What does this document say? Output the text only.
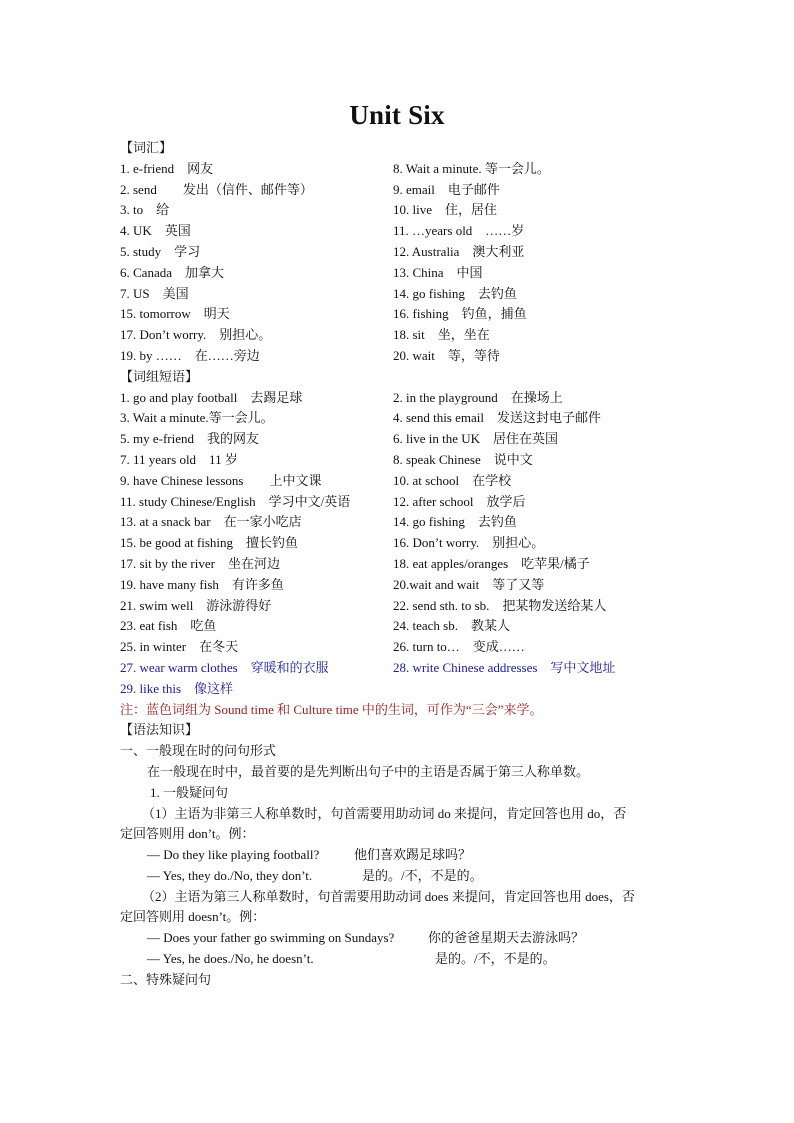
Unit Six
【词汇】
1. e-friend　网友	8. Wait a minute. 等一会儿。
2. send　　发出（信件、邮件等）	9. email　电子邮件
3. to　给	10. live　住，居住
4. UK　英国	11. …years old　……岁
5. study　学习	12. Australia　澳大利亚
6. Canada　加拿大	13. China　中国
7. US　美国	14. go fishing　去钓鱼
15. tomorrow　明天	16. fishing　钓鱼，捕鱼
17. Don’t worry.　别担心。	18. sit　坐，坐在
19. by ……　在……旁边	20. wait　等，等待
【词组短语】
1. go and play football　去踢足球	2. in the playground　在操场上
3. Wait a minute.等一会儿。	4. send this email　发送这封电子邮件
5. my e-friend　我的网友	6. live in the UK　居住在英国
7. 11 years old　11 岁	8. speak Chinese　说中文
9. have Chinese lessons　　上中文课	10. at school　在学校
11. study Chinese/English　学习中文/英语	12. after school　放学后
13. at a snack bar　在一家小吃店	14. go fishing　去钓鱼
15. be good at fishing　擅长钓鱼	16. Don’t worry.　别担心。
17. sit by the river　坐在河边	18. eat apples/oranges　吃苹果/橘子
19. have many fish　有许多鱼	20.wait and wait　等了又等
21. swim well　游泳游得好	22. send sth. to sb.　把某物发送给某人
23. eat fish　吃鱼	24. teach sb.　教某人
25. in winter　在冬天	26. turn to…　变成……
27. wear warm clothes　穿暖和的衣服	28. write Chinese addresses　写中文地址
29. like this　像这样
注：蓝色词组为 Sound time 和 Culture time 中的生词，可作为“三会”来学。
【语法知识】
一、一般现在时的问句形式
在一般现在时中，最首要的是先判断出句子中的主语是否属于第三人称单数。
1. 一般疑问句
（1）主语为非第三人称单数时，句首需要用助动词 do 来提问，肯定回答也用 do，否
定回答则用 don’t。例：
— Do they like playing football?	他们喜欢踢足球吗？
— Yes, they do./No, they don’t.	是的。/不，不是的。
（2）主语为第三人称单数时，句首需要用助动词 does 来提问，肯定回答也用 does，否
定回答则用 doesn’t。例：
— Does your father go swimming on Sundays?	你的爸爸星期天去游泳吗？
— Yes, he does./No, he doesn’t.	是的。/不，不是的。
二、特殊疑问句
